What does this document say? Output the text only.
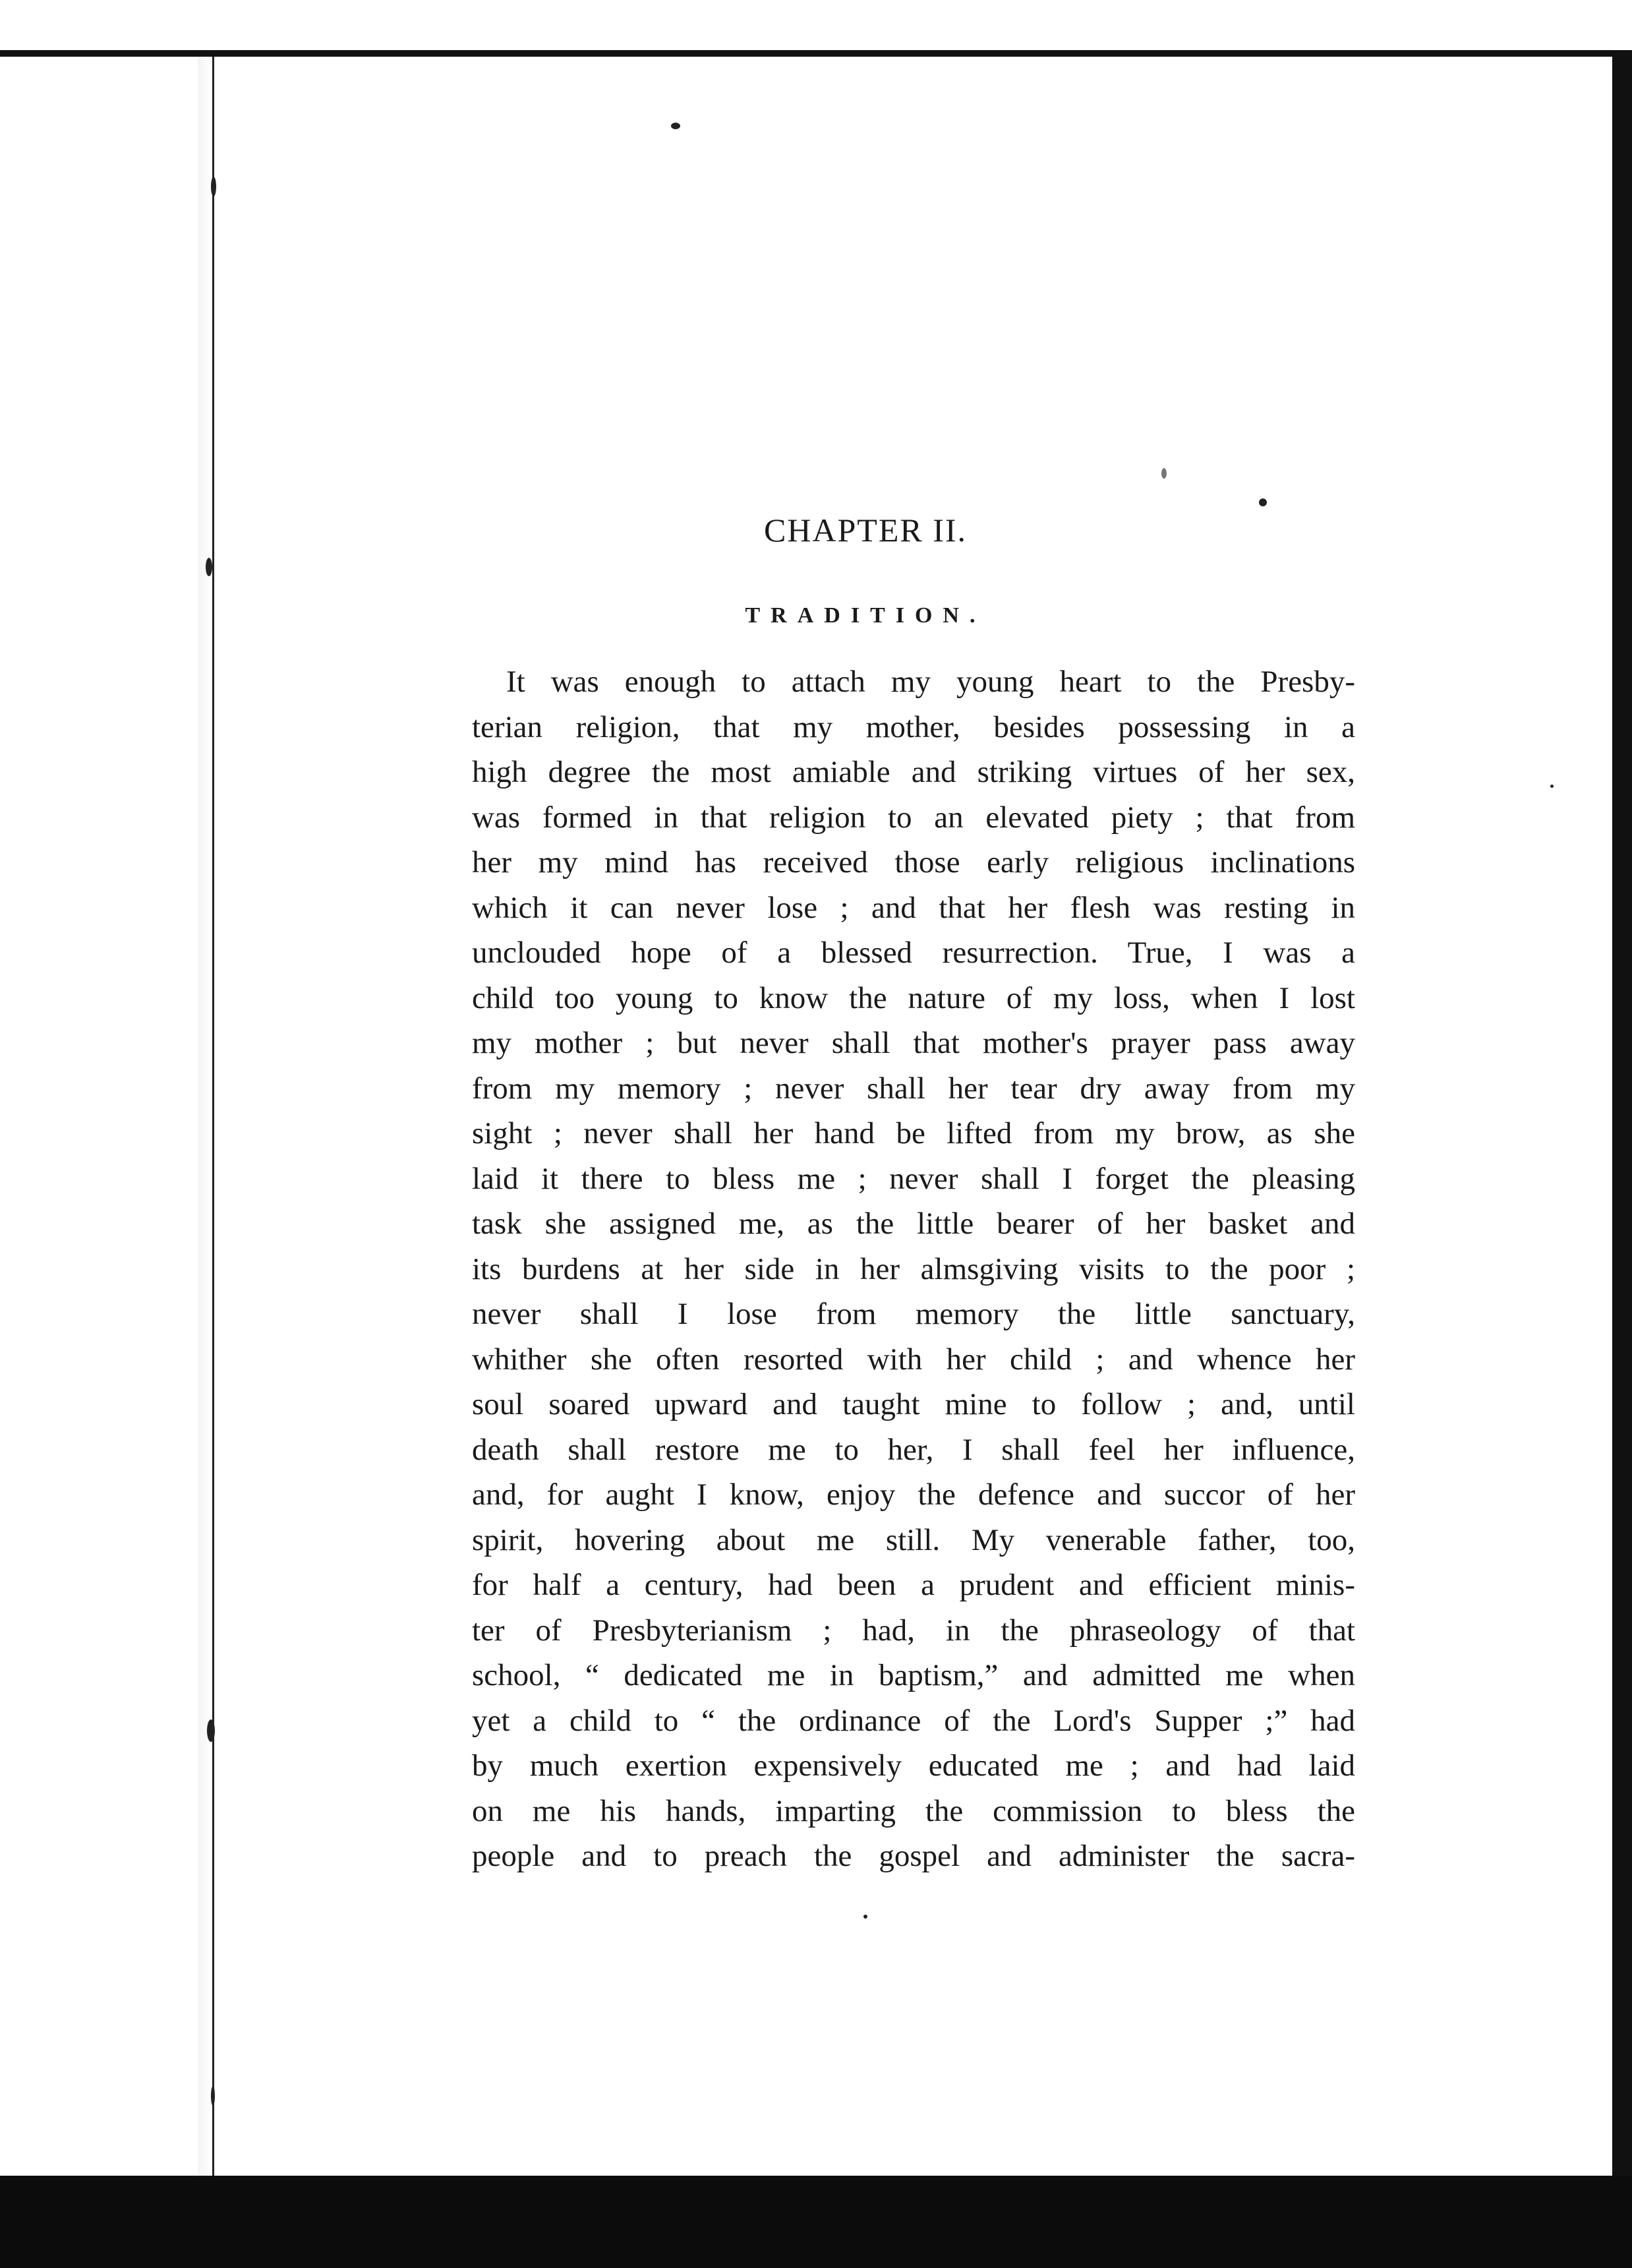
CHAPTER II.
TRADITION.
It was enough to attach my young heart to the Presby-
terian religion, that my mother, besides possessing in a
high degree the most amiable and striking virtues of her sex,
was formed in that religion to an elevated piety ; that from
her my mind has received those early religious inclinations
which it can never lose ; and that her flesh was resting in
unclouded hope of a blessed resurrection. True, I was a
child too young to know the nature of my loss, when I lost
my mother ; but never shall that mother's prayer pass away
from my memory ; never shall her tear dry away from my
sight ; never shall her hand be lifted from my brow, as she
laid it there to bless me ; never shall I forget the pleasing
task she assigned me, as the little bearer of her basket and
its burdens at her side in her almsgiving visits to the poor ;
never shall I lose from memory the little sanctuary,
whither she often resorted with her child ; and whence her
soul soared upward and taught mine to follow ; and, until
death shall restore me to her, I shall feel her influence,
and, for aught I know, enjoy the defence and succor of her
spirit, hovering about me still. My venerable father, too,
for half a century, had been a prudent and efficient minis-
ter of Presbyterianism ; had, in the phraseology of that
school, “ dedicated me in baptism,” and admitted me when
yet a child to “ the ordinance of the Lord's Supper ;” had
by much exertion expensively educated me ; and had laid
on me his hands, imparting the commission to bless the
people and to preach the gospel and administer the sacra-
